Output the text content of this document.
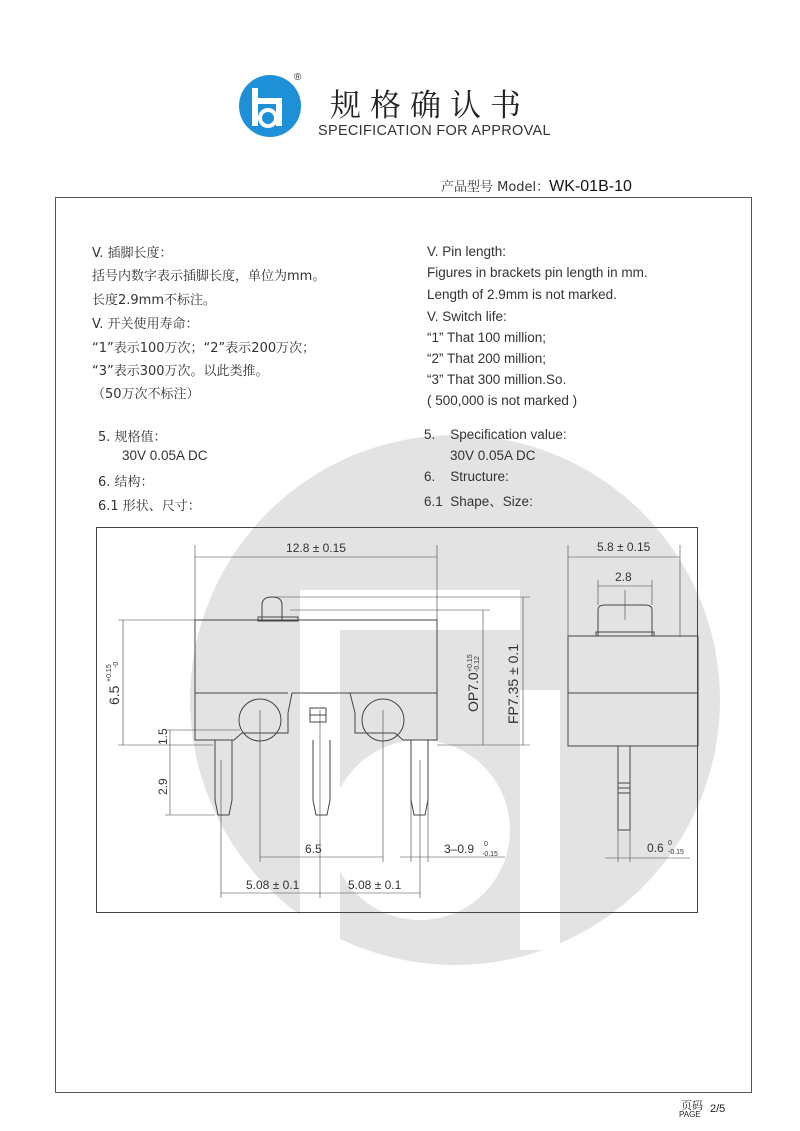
®
规格确认书
SPECIFICATION FOR APPROVAL
产品型号 Model：WK-01B-10
V. 插脚长度：
括号内数字表示插脚长度，单位为mm。
长度2.9mm不标注。
V. 开关使用寿命：
“1”表示100万次；“2”表示200万次；
“3”表示300万次。以此类推。
（50万次不标注）
5. 规格值：
30V 0.05A DC
6. 结构：
6.1 形状、尺寸：
V. Pin length:
Figures in brackets pin length in mm.
Length of 2.9mm is not marked.
V. Switch life:
“1” That 100 million;
“2” That 200 million;
“3” That 300 million.So.
( 500,000 is not marked )
5.    Specification value:
30V 0.05A DC
6.    Structure:
6.1  Shape、Size:
12.8 ± 0.15
6.5
+0.15 -0
1.5
2.9
OP7.0
+0.15 -0.12 FP7.35 ± 0.1
6.5	3–0.9 0
-0.15
5.08 ± 0.1	5.08 ± 0.1
5.8 ± 0.15
2.8
0.6 0
-0.15
页码
PAGE 2/5
